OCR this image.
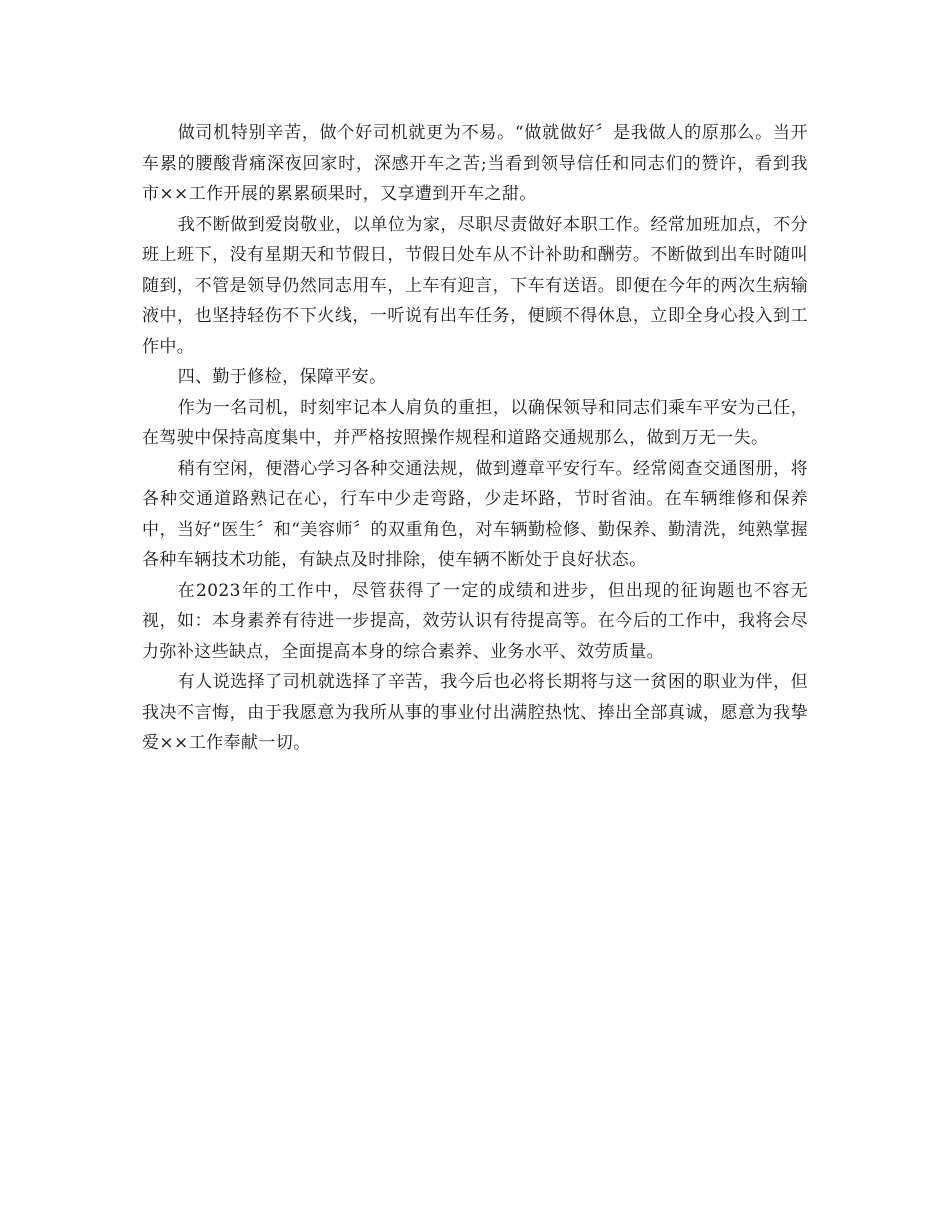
做司机特别辛苦，做个好司机就更为不易。“做就做好〞是我做人的原那么。当开车累的腰酸背痛深夜回家时，深感开车之苦;当看到领导信任和同志们的赞许，看到我市××工作开展的累累硕果时，又享遭到开车之甜。

我不断做到爱岗敬业，以单位为家，尽职尽责做好本职工作。经常加班加点，不分班上班下，没有星期天和节假日，节假日处车从不计补助和酬劳。不断做到出车时随叫随到，不管是领导仍然同志用车，上车有迎言，下车有送语。即便在今年的两次生病输液中，也坚持轻伤不下火线，一听说有出车任务，便顾不得休息，立即全身心投入到工作中。

四、勤于修检，保障平安。

作为一名司机，时刻牢记本人肩负的重担，以确保领导和同志们乘车平安为己任，在驾驶中保持高度集中，并严格按照操作规程和道路交通规那么，做到万无一失。

稍有空闲，便潜心学习各种交通法规，做到遵章平安行车。经常阅查交通图册，将各种交通道路熟记在心，行车中少走弯路，少走坏路，节时省油。在车辆维修和保养中，当好“医生〞和“美容师〞的双重角色，对车辆勤检修、勤保养、勤清洗，纯熟掌握各种车辆技术功能，有缺点及时排除，使车辆不断处于良好状态。

在2023年的工作中，尽管获得了一定的成绩和进步，但出现的征询题也不容无视，如：本身素养有待进一步提高，效劳认识有待提高等。在今后的工作中，我将会尽力弥补这些缺点，全面提高本身的综合素养、业务水平、效劳质量。

有人说选择了司机就选择了辛苦，我今后也必将长期将与这一贫困的职业为伴，但我决不言悔，由于我愿意为我所从事的事业付出满腔热忱、捧出全部真诚，愿意为我挚爱××工作奉献一切。
